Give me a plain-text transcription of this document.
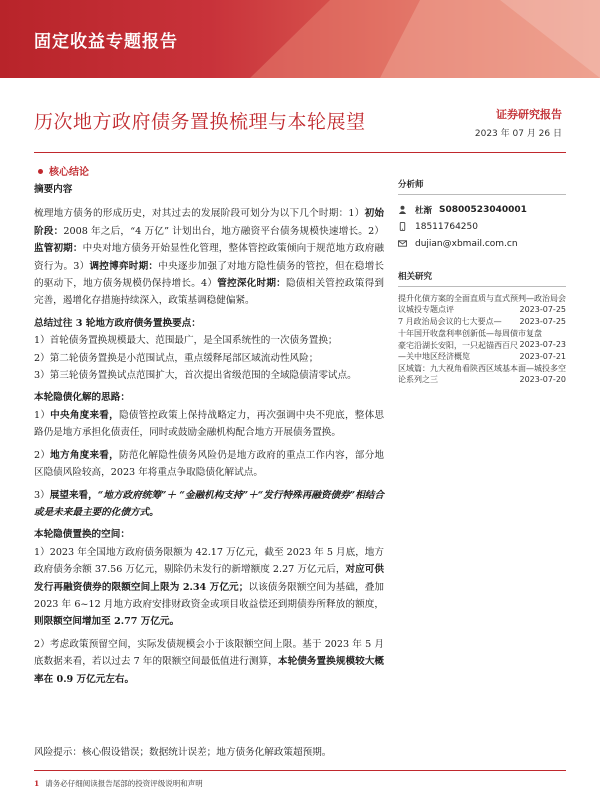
固定收益专题报告
历次地方政府债务置换梳理与本轮展望	证券研究报告
2023 年 07 月 26 日
核心结论

摘要内容

梳理地方债务的形成历史，对其过去的发展阶段可划分为以下几个时期：1）初始阶段：2008 年之后，“4 万亿” 计划出台，地方融资平台债务规模快速增长。2）监管初期：中央对地方债务开始显性化管理，整体管控政策倾向于规范地方政府融资行为。3）调控博弈时期：中央逐步加强了对地方隐性债务的管控，但在稳增长的驱动下，地方债务规模仍保持增长。4）管控深化时期：隐债相关管控政策得到完善，遏增化存措施持续深入，政策基调稳健偏紧。

总结过往 3 轮地方政府债务置换要点：

1）首轮债务置换规模最大、范围最广，是全国系统性的一次债务置换；

2）第二轮债务置换是小范围试点，重点缓释尾部区域流动性风险；

3）第三轮债务置换试点范围扩大，首次提出省级范围的全域隐债清零试点。

本轮隐债化解的思路：

1）中央角度来看，隐债管控政策上保持战略定力，再次强调中央不兜底，整体思路仍是地方承担化债责任，同时或鼓励金融机构配合地方开展债务置换。

2）地方角度来看，防范化解隐性债务风险仍是地方政府的重点工作内容，部分地区隐债风险较高，2023 年将重点争取隐债化解试点。

3）展望来看，“地方政府统筹”＋ “金融机构支持”＋“发行特殊再融资债券”相结合或是未来最主要的化债方式。

本轮隐债置换的空间：

1）2023 年全国地方政府债务限额为 42.17 万亿元，截至 2023 年 5 月底，地方政府债务余额 37.56 万亿元，剔除仍未发行的新增额度 2.27 万亿元后，对应可供发行再融资债券的限额空间上限为 2.34 万亿元；以该债务限额空间为基础，叠加 2023 年 6~12 月地方政府安排财政资金或项目收益偿还到期债券所释放的额度，则限额空间增加至 2.77 万亿元。

2）考虑政策预留空间，实际发债规模会小于该限额空间上限。基于 2023 年 5 月底数据来看，若以过去 7 年的限额空间最低值进行测算，本轮债务置换规模较大概率在 0.9 万亿元左右。

风险提示：核心假设错误；数据统计误差；地方债务化解政策超预期。
分析师
杜渐 S0800523040001
18511764250
dujian@xbmail.com.cn
相关研究
提升化债方案的全面直质与直式预判—政治局会议城投专题点评	2023-07-25
7 月政治局会议的七大要点— 2023-07-25
十年国开收盘利率创新低—每周债市复盘
2023-07-23
豪宅沿湖长安阳，一只起锚西百尺—关中地区经济概览	2023-07-21
区域篇：九大视角看陕西区域基本面—城投多空论系列之三	2023-07-20
1 请务必仔细阅读报告尾部的投资评级说明和声明
